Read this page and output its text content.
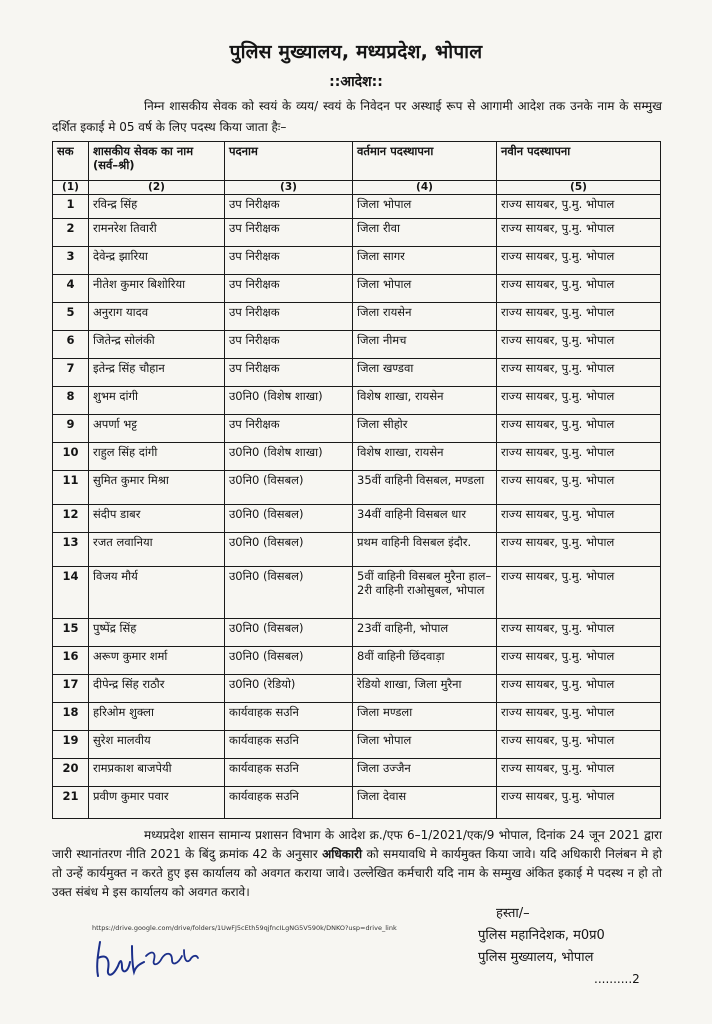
पुलिस मुख्यालय, मध्यप्रदेश, भोपाल
::आदेश::
निम्न शासकीय सेवक को स्वयं के व्यय/ स्वयं के निवेदन पर अस्थाई रूप से आगामी आदेश तक उनके नाम के सम्मुख दर्शित इकाई मे 05 वर्ष के लिए पदस्थ किया जाता हैः–
सक	शासकीय सेवक का नाम (सर्व–श्री)	पदनाम	वर्तमान पदस्थापना	नवीन पदस्थापना
(1)	(2)	(3)	(4)	(5)
1	रविन्द्र सिंह	उप निरीक्षक	जिला भोपाल	राज्य सायबर, पु.मु. भोपाल
2	रामनरेश तिवारी	उप निरीक्षक	जिला रीवा	राज्य सायबर, पु.मु. भोपाल
3	देवेन्द्र झारिया	उप निरीक्षक	जिला सागर	राज्य सायबर, पु.मु. भोपाल
4	नीतेश कुमार बिशोरिया	उप निरीक्षक	जिला भोपाल	राज्य सायबर, पु.मु. भोपाल
5	अनुराग यादव	उप निरीक्षक	जिला रायसेन	राज्य सायबर, पु.मु. भोपाल
6	जितेन्द्र सोलंकी	उप निरीक्षक	जिला नीमच	राज्य सायबर, पु.मु. भोपाल
7	इतेन्द्र सिंह चौहान	उप निरीक्षक	जिला खण्डवा	राज्य सायबर, पु.मु. भोपाल
8	शुभम दांगी	उ0नि0 (विशेष शाखा)	विशेष शाखा, रायसेन	राज्य सायबर, पु.मु. भोपाल
9	अपर्णा भट्ट	उप निरीक्षक	जिला सीहोर	राज्य सायबर, पु.मु. भोपाल
10	राहुल सिंह दांगी	उ0नि0 (विशेष शाखा)	विशेष शाखा, रायसेन	राज्य सायबर, पु.मु. भोपाल
11	सुमित कुमार मिश्रा	उ0नि0 (विसबल)	35वीं वाहिनी विसबल, मण्डला	राज्य सायबर, पु.मु. भोपाल
12	संदीप डाबर	उ0नि0 (विसबल)	34वीं वाहिनी विसबल धार	राज्य सायबर, पु.मु. भोपाल
13	रजत लवानिया	उ0नि0 (विसबल)	प्रथम वाहिनी विसबल इंदौर.	राज्य सायबर, पु.मु. भोपाल
14	विजय मौर्य	उ0नि0 (विसबल)	5वीं वाहिनी विसबल मुरैना हाल– 2री वाहिनी राओसुबल, भोपाल	राज्य सायबर, पु.मु. भोपाल
15	पुष्पेंद्र सिंह	उ0नि0 (विसबल)	23वीं वाहिनी, भोपाल	राज्य सायबर, पु.मु. भोपाल
16	अरूण कुमार शर्मा	उ0नि0 (विसबल)	8वीं वाहिनी छिंदवाड़ा	राज्य सायबर, पु.मु. भोपाल
17	दीपेन्द्र सिंह राठौर	उ0नि0 (रेडियो)	रेडियो शाखा, जिला मुरैना	राज्य सायबर, पु.मु. भोपाल
18	हरिओम शुक्ला	कार्यवाहक सउनि	जिला मण्डला	राज्य सायबर, पु.मु. भोपाल
19	सुरेश मालवीय	कार्यवाहक सउनि	जिला भोपाल	राज्य सायबर, पु.मु. भोपाल
20	रामप्रकाश बाजपेयी	कार्यवाहक सउनि	जिला उज्जैन	राज्य सायबर, पु.मु. भोपाल
21	प्रवीण कुमार पवार	कार्यवाहक सउनि	जिला देवास	राज्य सायबर, पु.मु. भोपाल
मध्यप्रदेश शासन सामान्य प्रशासन विभाग के आदेश क्र./एफ 6–1/2021/एक/9 भोपाल, दिनांक 24 जून 2021 द्वारा जारी स्थानांतरण नीति 2021 के बिंदु क्रमांक 42 के अनुसार अधिकारी को समयावधि मे कार्यमुक्त किया जावे। यदि अधिकारी निलंबन मे हो तो उन्हें कार्यमुक्त न करते हुए इस कार्यालय को अवगत कराया जावे। उल्लेखित कर्मचारी यदि नाम के सम्मुख अंकित इकाई मे पदस्थ न हो तो उक्त संबंध मे इस कार्यालय को अवगत करावे।
https://drive.google.com/drive/folders/1UwFJ5cEth59qjfncILgNG5V590k/DNKO?usp=drive_link
हस्ता/–
पुलिस महानिदेशक, म0प्र0
पुलिस मुख्यालय, भोपाल
..........2
